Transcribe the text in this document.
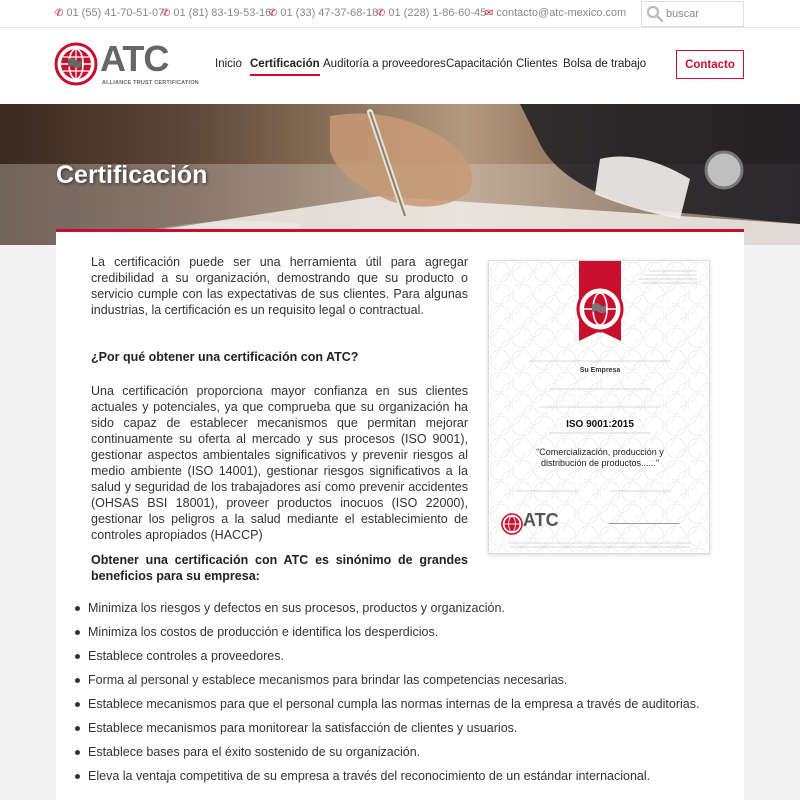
✆ 01 (55) 41-70-51-07
✆ 01 (81) 83-19-53-16
✆ 01 (33) 47-37-68-18
✆ 01 (228) 1-86-60-45
✉ contacto@atc-mexico.com
buscar
ATC
ALLIANCE TRUST CERTIFICATION
Inicio Certificación Auditoría a proveedores Capacitación Clientes Bolsa de trabajo	Contacto
Certificación

La certificación puede ser una herramienta útil para agregar credibilidad a su organización, demostrando que su producto o servicio cumple con las expectativas de sus clientes. Para algunas industrias, la certificación es un requisito legal o contractual.

¿Por qué obtener una certificación con ATC?

Una certificación proporciona mayor confianza en sus clientes actuales y potenciales, ya que comprueba que su organización ha sido capaz de establecer mecanismos que permitan mejorar continuamente su oferta al mercado y sus procesos (ISO 9001), gestionar aspectos ambientales significativos y prevenir riesgos al medio ambiente (ISO 14001), gestionar riesgos significativos a la salud y seguridad de los trabajadores así como prevenir accidentes (OHSAS BSI 18001), proveer productos inocuos (ISO 22000), gestionar los peligros a la salud mediante el establecimiento de controles apropiados (HACCP)

Obtener una certificación con ATC es sinónimo de grandes beneficios para su empresa:

Minimiza los riesgos y defectos en sus procesos, productos y organización.
Minimiza los costos de producción e identifica los desperdicios.
Establece controles a proveedores.
Forma al personal y establece mecanismos para brindar las competencias necesarias.
Establece mecanismos para que el personal cumpla las normas internas de la empresa a través de auditorias.
Establece mecanismos para monitorear la satisfacción de clientes y usuarios.
Establece bases para el éxito sostenido de su organización.
Eleva la ventaja competitiva de su empresa a través del reconocimiento de un estándar internacional.
Su Empresa
ISO 9001:2015
“Comercialización, producción y distribución de productos......”
ATC
